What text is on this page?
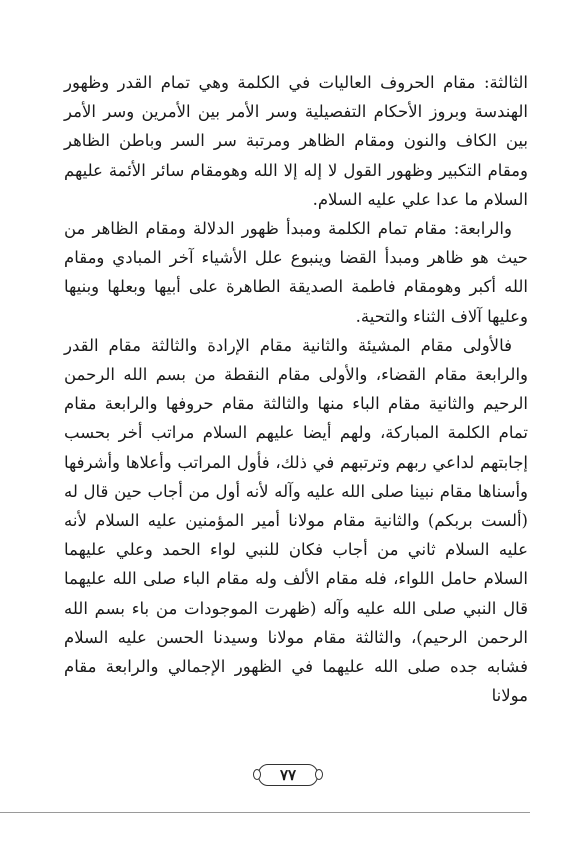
الثالثة: مقام الحروف العاليات في الكلمة وهي تمام القدر وظهور الهندسة وبروز الأحكام التفصيلية وسر الأمر بين الأمرين وسر الأمر بين الكاف والنون ومقام الظاهر ومرتبة سر السر وباطن الظاهر ومقام التكبير وظهور القول لا إله إلا الله وهومقام سائر الأئمة عليهم السلام ما عدا علي عليه السلام.

والرابعة: مقام تمام الكلمة ومبدأ ظهور الدلالة ومقام الظاهر من حيث هو ظاهر ومبدأ القضا وينبوع علل الأشياء آخر المبادي ومقام الله أكبر وهومقام فاطمة الصديقة الطاهرة على أبيها وبعلها وبنيها وعليها آلاف الثناء والتحية.

فالأولى مقام المشيئة والثانية مقام الإرادة والثالثة مقام القدر والرابعة مقام القضاء، والأولى مقام النقطة من بسم الله الرحمن الرحيم والثانية مقام الباء منها والثالثة مقام حروفها والرابعة مقام تمام الكلمة المباركة، ولهم أيضا عليهم السلام مراتب أخر بحسب إجابتهم لداعي ربهم وترتبهم في ذلك، فأول المراتب وأعلاها وأشرفها وأسناها مقام نبينا صلى الله عليه وآله لأنه أول من أجاب حين قال له (ألست بربكم) والثانية مقام مولانا أمير المؤمنين عليه السلام لأنه عليه السلام ثاني من أجاب فكان للنبي لواء الحمد وعلي عليهما السلام حامل اللواء، فله مقام الألف وله مقام الباء صلى الله عليهما قال النبي صلى الله عليه وآله (ظهرت الموجودات من باء بسم الله الرحمن الرحيم)، والثالثة مقام مولانا وسيدنا الحسن عليه السلام فشابه جده صلى الله عليهما في الظهور الإجمالي والرابعة مقام مولانا

٧٧
